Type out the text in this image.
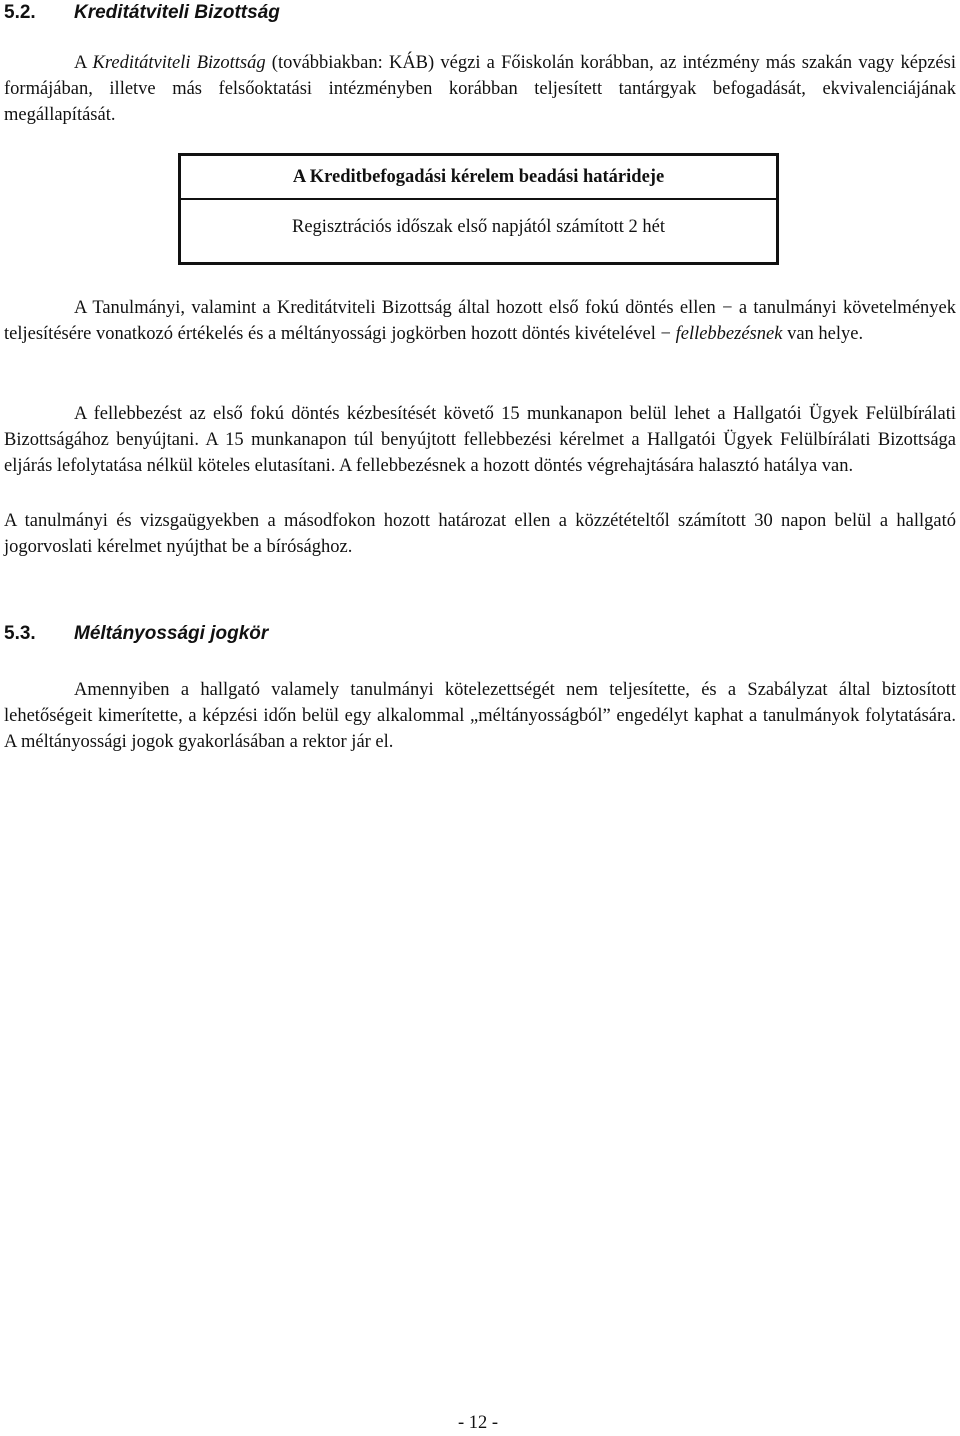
5.2. Kreditátviteli Bizottság

A Kreditátviteli Bizottság (továbbiakban: KÁB) végzi a Főiskolán korábban, az intézmény más szakán vagy képzési formájában, illetve más felsőoktatási intézményben korábban teljesített tantárgyak befogadását, ekvivalenciájának megállapítását.

A Kreditbefogadási kérelem beadási határideje
Regisztrációs időszak első napjától számított 2 hét

A Tanulmányi, valamint a Kreditátviteli Bizottság által hozott első fokú döntés ellen − a tanulmányi követelmények teljesítésére vonatkozó értékelés és a méltányossági jogkörben hozott döntés kivételével − fellebbezésnek van helye.

A fellebbezést az első fokú döntés kézbesítését követő 15 munkanapon belül lehet a Hallgatói Ügyek Felülbírálati Bizottságához benyújtani. A 15 munkanapon túl benyújtott fellebbezési kérelmet a Hallgatói Ügyek Felülbírálati Bizottsága eljárás lefolytatása nélkül köteles elutasítani. A fellebbezésnek a hozott döntés végrehajtására halasztó hatálya van.

A tanulmányi és vizsgaügyekben a másodfokon hozott határozat ellen a közzétételtől számított 30 napon belül a hallgató jogorvoslati kérelmet nyújthat be a bírósághoz.

5.3. Méltányossági jogkör

Amennyiben a hallgató valamely tanulmányi kötelezettségét nem teljesítette, és a Szabályzat által biztosított lehetőségeit kimerítette, a képzési időn belül egy alkalommal „méltányosságból” engedélyt kaphat a tanulmányok folytatására. A méltányossági jogok gyakorlásában a rektor jár el.

- 12 -
